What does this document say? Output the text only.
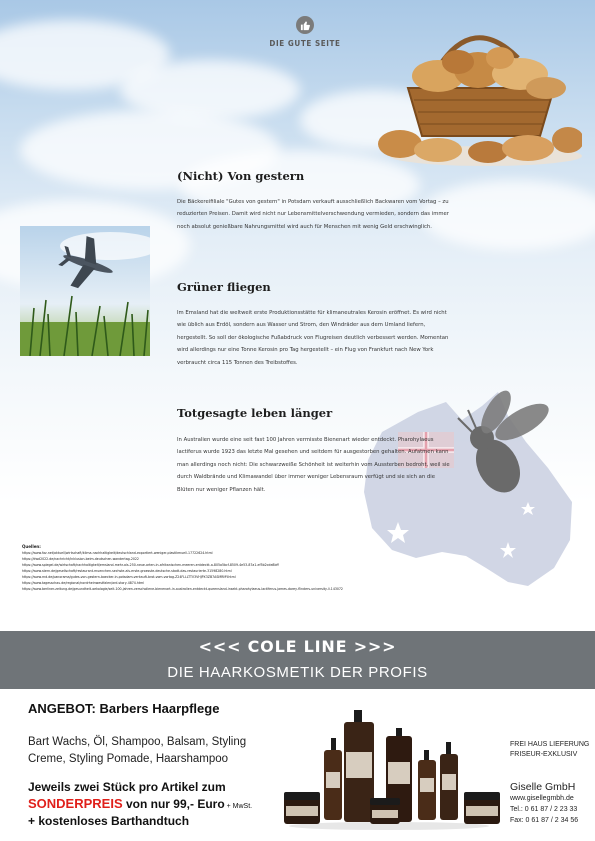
DIE GUTE SEITE
(Nicht) Von gestern
Die Bäckereifiliale "Gutes von gestern" in Potsdam verkauft ausschließlich Backwaren vom Vortag – zu reduzierten Preisen. Damit wird nicht nur Lebensmittelverschwendung vermieden, sondern das immer noch absolut genießbare Nahrungsmittel wird auch für Menschen mit wenig Geld erschwinglich.
Grüner fliegen
Im Emsland hat die weltweit erste Produktionsstätte für klimaneutrales Kerosin eröffnet. Es wird nicht wie üblich aus Erdöl, sondern aus Wasser und Strom, den Windräder aus dem Umland liefern, hergestellt. So soll der ökologische Fußabdruck von Flugreisen deutlich verbessert werden. Momentan wird allerdings nur eine Tonne Kerosin pro Tag hergestellt – ein Flug von Frankfurt nach New York verbraucht circa 115 Tonnen des Treibstoffes.
Totgesagte leben länger
In Australien wurde eine seit fast 100 Jahren vermisste Bienenart wieder entdeckt. Pharohylaeus lactiferus wurde 1923 das letzte Mal gesehen und seitdem für ausgestorben gehalten. Aufatmen kann man allerdings noch nicht: Die schwarzweiße Schönheit ist weiterhin vom Aussterben bedroht, weil sie durch Waldbrände und Klimawandel über immer weniger Lebensraum verfügt und sie sich an die Blüten nur weniger Pflanzen hält.
Quellen:
https://www.faz.net/aktuell/wirtschaft/klima-nachhaltigkeit/deutschland-exportiert-weniger-plastikmuell-17722624.html
https://dwd2022.de/nachricht/inklusion-beim-deutschen-wandertag-2022
https://www.spiegel.de/wirtschaft/nachhaltigkeit/emsland-mehr-als-250-neue-arten-in-afrikanischen-meeren-entdeckt-a-805a5bcf-8509-4e53-87a1-ef5b2cde8bff
https://www.stern.de/gesellschaft/restaurant-muenchen-sechste-als-erste-groesste-deutsche-stadt-das-restaurierte-31598280.html
https://www.rnd.de/panorama/gutes-von-gestern-baecker-in-potsdam-verkauft-brot-vom-vortag-Z24FLLLTTV3VHJPX3ZB7ASMRMY.html
https://www.tagesschau.de/regional/nordrheinwestfalen/ard-story-4874.html
https://www.berliner-zeitung.de/gesundheit-oekologie/seit-100-jahren-verschollene-bienenart-in-australien-entdeckt-queensland-insekt-pharohylaeus-lactiferus-james-dorey-flinders-university-li.143072
<<< COLE LINE >>>
DIE HAARKOSMETIK DER PROFIS
ANGEBOT: Barbers Haarpflege
Bart Wachs, Öl, Shampoo, Balsam, Styling Creme, Styling Pomade, Haarshampoo
Jeweils zwei Stück pro Artikel zum
SONDERPREIS von nur 99,- Euro + MwSt.
+ kostenloses Barthandtuch
FREI HAUS LIEFERUNG
FRISEUR-EXKLUSIV
Giselle GmbH
www.gisellegmbh.de
Tel.: 0 61 87 / 2 23 33
Fax: 0 61 87 / 2 34 56
